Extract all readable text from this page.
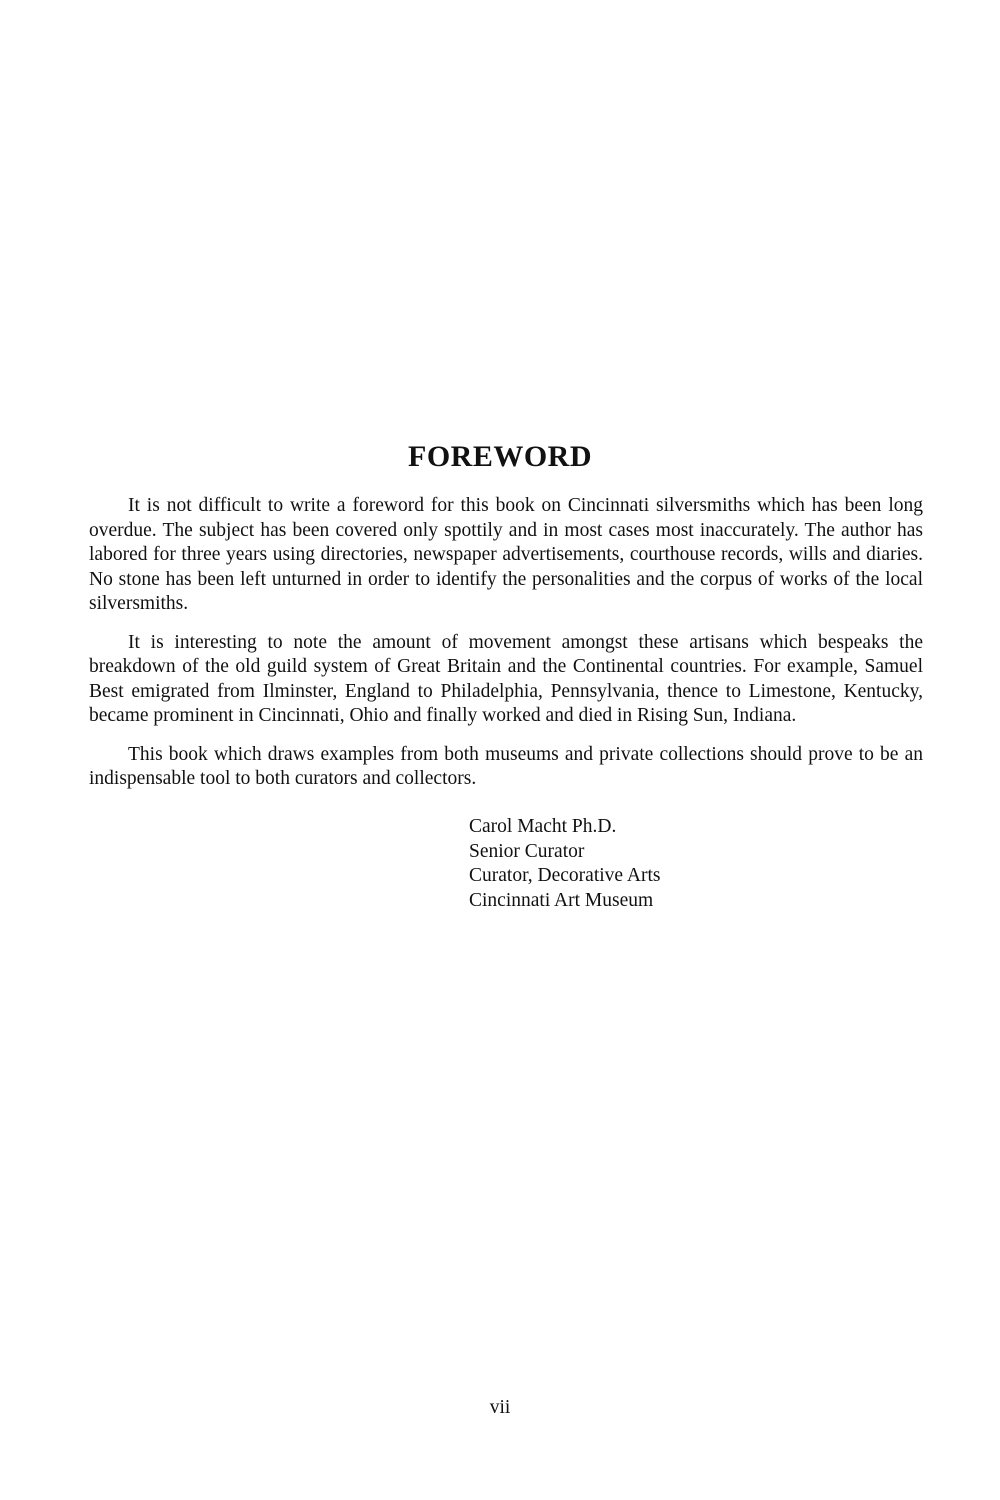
FOREWORD

It is not difficult to write a foreword for this book on Cincinnati silversmiths which has been long overdue. The subject has been covered only spottily and in most cases most inaccurately. The author has labored for three years using directories, newspaper advertisements, courthouse records, wills and diaries. No stone has been left unturned in order to identify the personalities and the corpus of works of the local silversmiths.

It is interesting to note the amount of movement amongst these artisans which bespeaks the breakdown of the old guild system of Great Britain and the Continental countries. For example, Samuel Best emigrated from Ilminster, England to Philadelphia, Pennsylvania, thence to Limestone, Kentucky, became prominent in Cincinnati, Ohio and finally worked and died in Rising Sun, Indiana.

This book which draws examples from both museums and private collections should prove to be an indispensable tool to both curators and collectors.

Carol Macht Ph.D.
Senior Curator
Curator, Decorative Arts
Cincinnati Art Museum
vii
